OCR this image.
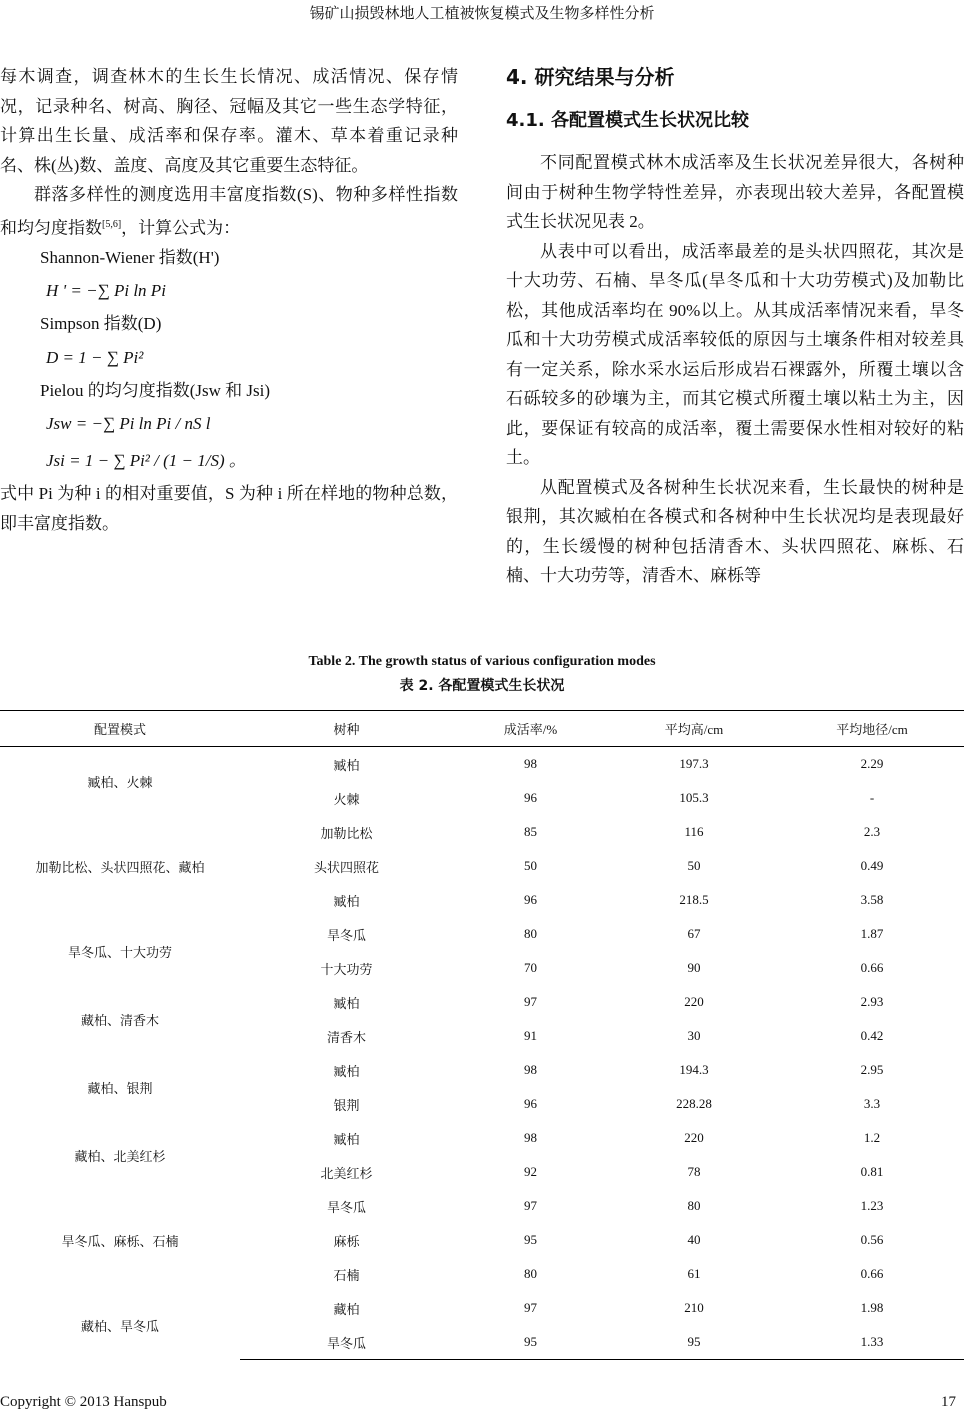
锡矿山损毁林地人工植被恢复模式及生物多样性分析

每木调查，调查林木的生长生长情况、成活情况、保存情况，记录种名、树高、胸径、冠幅及其它一些生态学特征，计算出生长量、成活率和保存率。灌木、草本着重记录种名、株(丛)数、盖度、高度及其它重要生态特征。

群落多样性的测度选用丰富度指数(S)、物种多样性指数和均匀度指数[5,6]，计算公式为：

Shannon-Wiener 指数(H')

H ' = −∑ Pi ln Pi

Simpson 指数(D)

D = 1 − ∑ Pi²

Pielou 的均匀度指数(Jsw 和 Jsi)

Jsw = −∑ Pi ln Pi / nS l

Jsi = 1 − ∑ Pi² / (1 − 1/S) 。

式中 Pi 为种 i 的相对重要值，S 为种 i 所在样地的物种总数，即丰富度指数。

4. 研究结果与分析
4.1. 各配置模式生长状况比较

不同配置模式林木成活率及生长状况差异很大，各树种间由于树种生物学特性差异，亦表现出较大差异，各配置模式生长状况见表 2。

从表中可以看出，成活率最差的是头状四照花，其次是十大功劳、石楠、旱冬瓜(旱冬瓜和十大功劳模式)及加勒比松，其他成活率均在 90%以上。从其成活率情况来看，旱冬瓜和十大功劳模式成活率较低的原因与土壤条件相对较差具有一定关系，除水采水运后形成岩石裸露外，所覆土壤以含石砾较多的砂壤为主，而其它模式所覆土壤以粘土为主，因此，要保证有较高的成活率，覆土需要保水性相对较好的粘土。

从配置模式及各树种生长状况来看，生长最快的树种是银荆，其次臧柏在各模式和各树种中生长状况均是表现最好的，生长缓慢的树种包括清香木、头状四照花、麻栎、石楠、十大功劳等，清香木、麻栎等

Table 2. The growth status of various configuration modes
表 2. 各配置模式生长状况
配置模式	树种	成活率/%	平均高/cm	平均地径/cm
臧柏、火棘	臧柏	98	197.3	2.29
	火棘	96	105.3	-
加勒比松、头状四照花、藏柏	加勒比松	85	116	2.3
	头状四照花	50	50	0.49
	臧柏	96	218.5	3.58
旱冬瓜、十大功劳	旱冬瓜	80	67	1.87
	十大功劳	70	90	0.66
藏柏、清香木	臧柏	97	220	2.93
	清香木	91	30	0.42
藏柏、银荆	臧柏	98	194.3	2.95
	银荆	96	228.28	3.3
藏柏、北美红杉	臧柏	98	220	1.2
	北美红杉	92	78	0.81
旱冬瓜、麻栎、石楠	旱冬瓜	97	80	1.23
	麻栎	95	40	0.56
	石楠	80	61	0.66
藏柏、旱冬瓜	藏柏	97	210	1.98
	旱冬瓜	95	95	1.33
Copyright © 2013 Hanspub	17
